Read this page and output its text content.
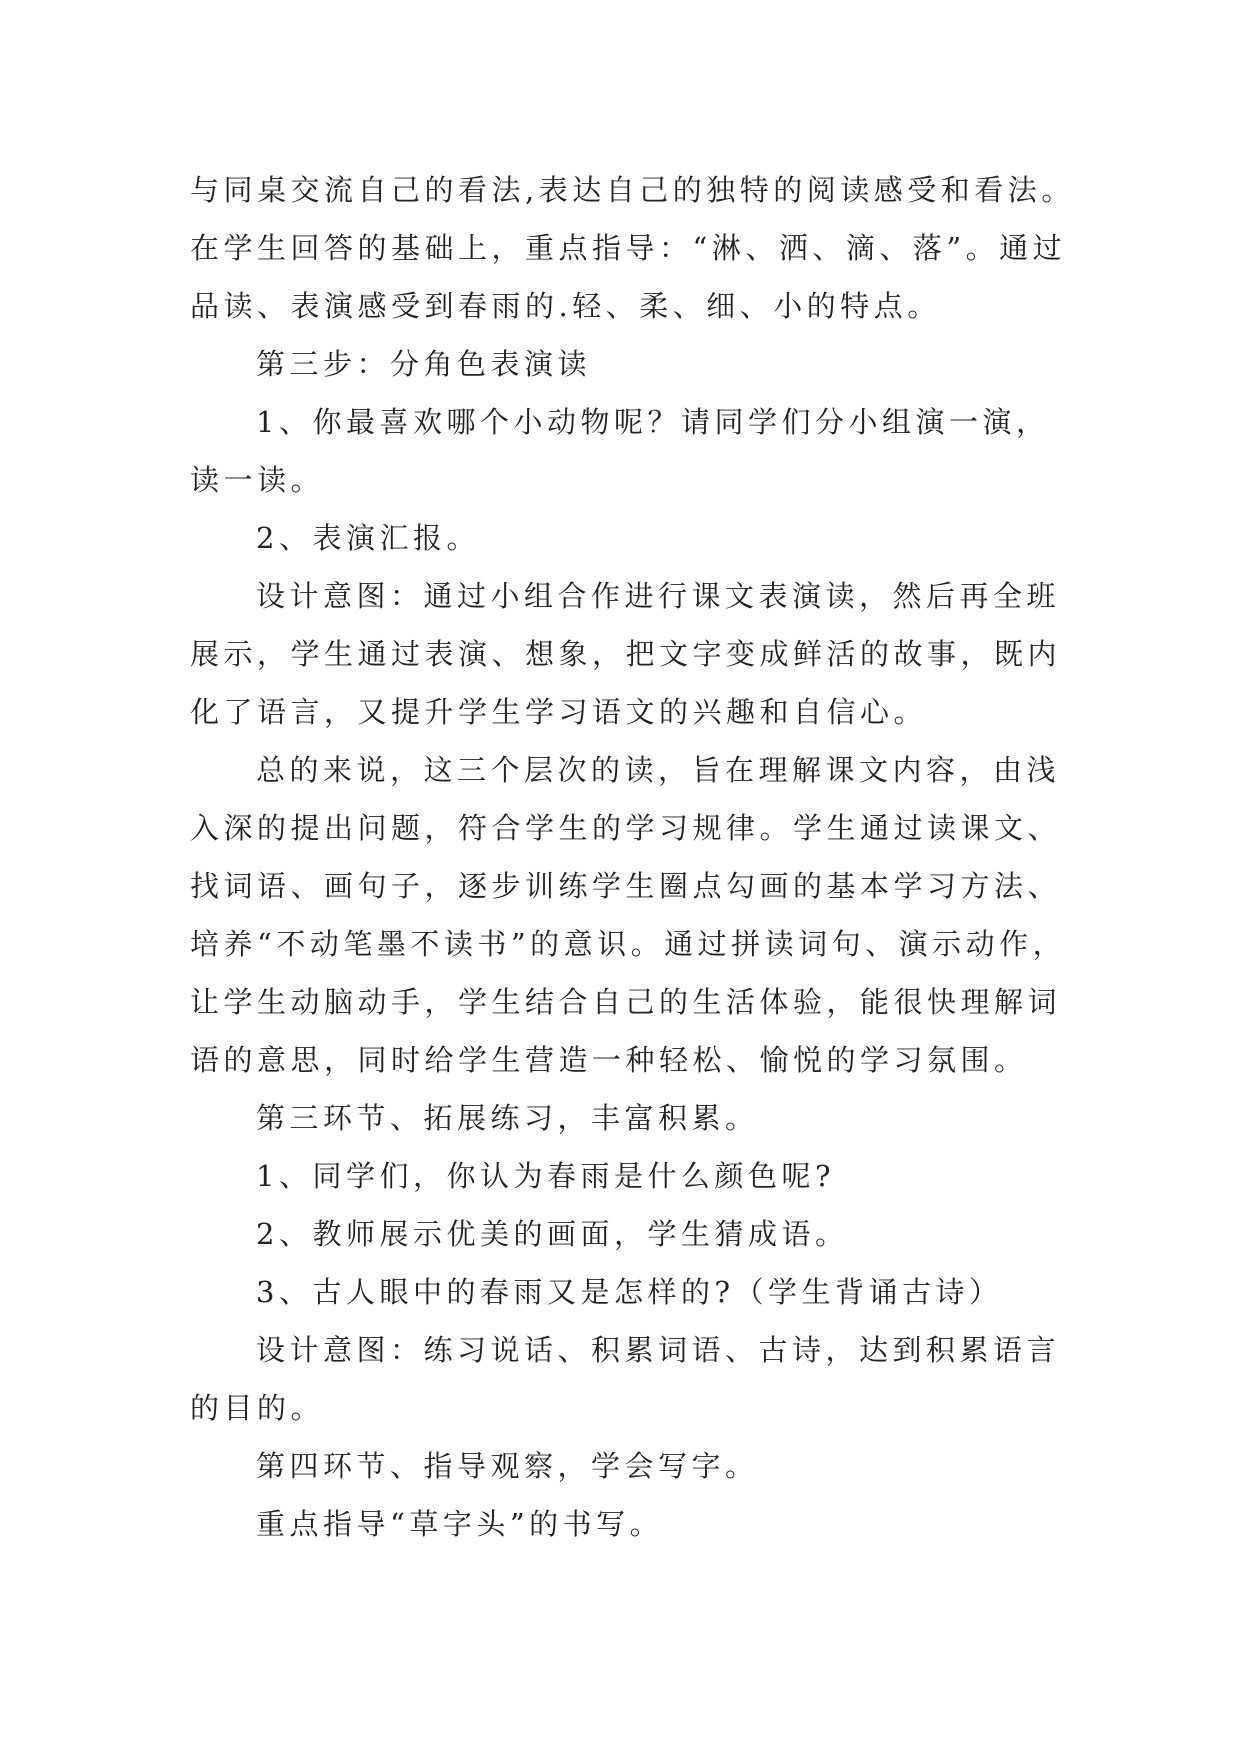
与同桌交流自己的看法,表达自己的独特的阅读感受和看法。
在学生回答的基础上，重点指导：“淋、洒、滴、落”。通过
品读、表演感受到春雨的.轻、柔、细、小的特点。
第三步：分角色表演读
1、你最喜欢哪个小动物呢？请同学们分小组演一演，
读一读。
2、表演汇报。
设计意图：通过小组合作进行课文表演读，然后再全班
展示，学生通过表演、想象，把文字变成鲜活的故事，既内
化了语言，又提升学生学习语文的兴趣和自信心。
总的来说，这三个层次的读，旨在理解课文内容，由浅
入深的提出问题，符合学生的学习规律。学生通过读课文、
找词语、画句子，逐步训练学生圈点勾画的基本学习方法、
培养“不动笔墨不读书”的意识。通过拼读词句、演示动作，
让学生动脑动手，学生结合自己的生活体验，能很快理解词
语的意思，同时给学生营造一种轻松、愉悦的学习氛围。
第三环节、拓展练习，丰富积累。
1、同学们，你认为春雨是什么颜色呢?
2、教师展示优美的画面，学生猜成语。
3、古人眼中的春雨又是怎样的?（学生背诵古诗）
设计意图：练习说话、积累词语、古诗，达到积累语言
的目的。
第四环节、指导观察，学会写字。
重点指导“草字头”的书写。
